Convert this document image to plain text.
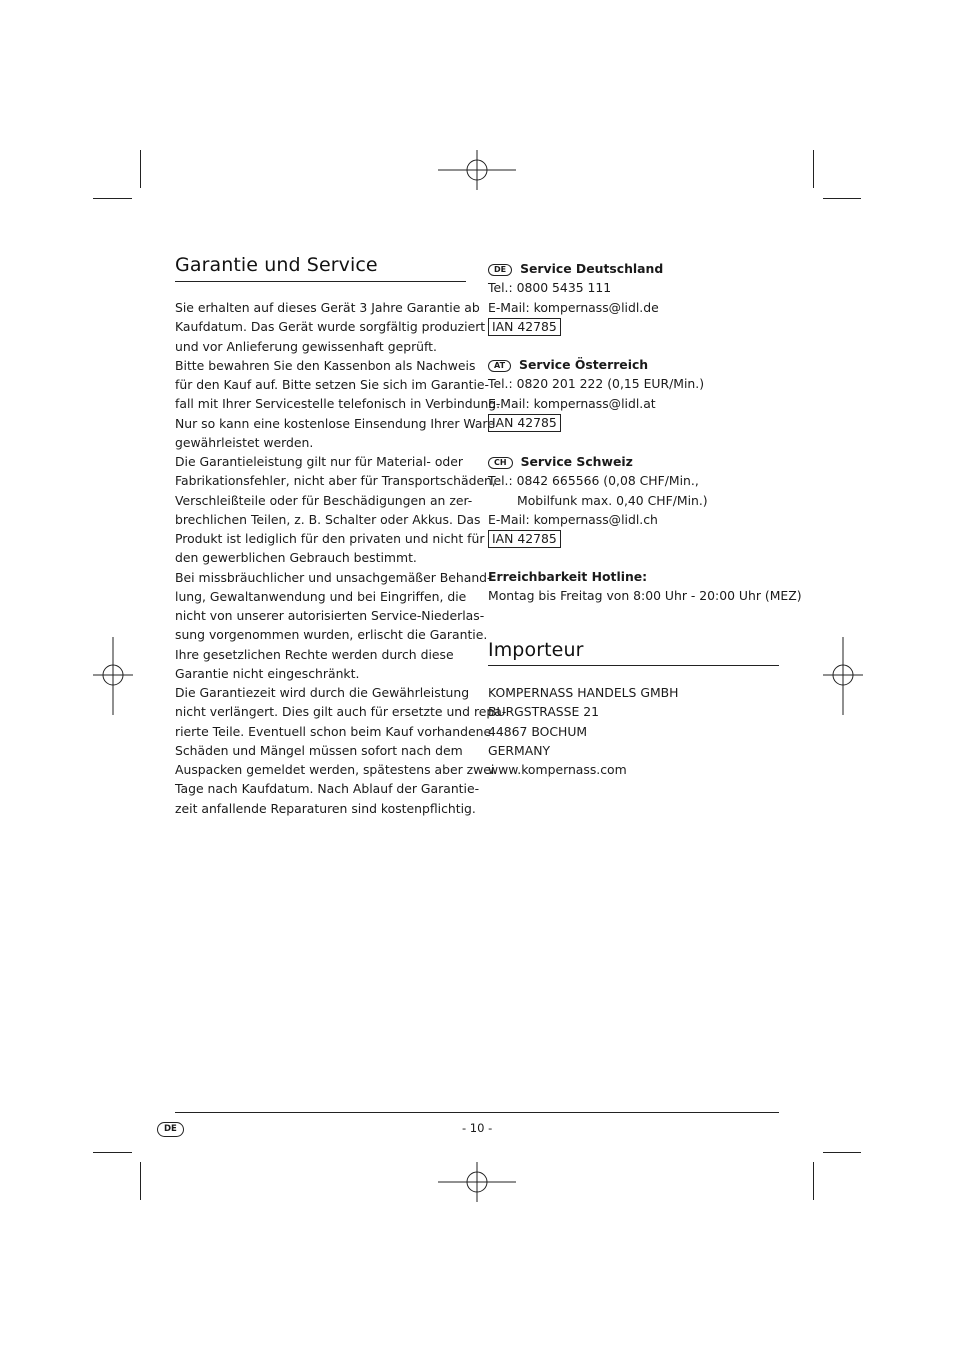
Garantie und Service
Sie erhalten auf dieses Gerät 3 Jahre Garantie ab
Kaufdatum. Das Gerät wurde sorgfältig produziert
und vor Anlieferung gewissenhaft geprüft.
Bitte bewahren Sie den Kassenbon als Nachweis
für den Kauf auf. Bitte setzen Sie sich im Garantie-
fall mit Ihrer Servicestelle telefonisch in Verbindung.
Nur so kann eine kostenlose Einsendung Ihrer Ware
gewährleistet werden.
Die Garantieleistung gilt nur für Material- oder
Fabrikationsfehler, nicht aber für Transportschäden,
Verschleißteile oder für Beschädigungen an zer-
brechlichen Teilen, z. B. Schalter oder Akkus. Das
Produkt ist lediglich für den privaten und nicht für
den gewerblichen Gebrauch bestimmt.
Bei missbräuchlicher und unsachgemäßer Behand-
lung, Gewaltanwendung und bei Eingriffen, die
nicht von unserer autorisierten Service-Niederlas-
sung vorgenommen wurden, erlischt die Garantie.
Ihre gesetzlichen Rechte werden durch diese
Garantie nicht eingeschränkt.
Die Garantiezeit wird durch die Gewährleistung
nicht verlängert. Dies gilt auch für ersetzte und repa-
rierte Teile. Eventuell schon beim Kauf vorhandene
Schäden und Mängel müssen sofort nach dem
Auspacken gemeldet werden, spätestens aber zwei
Tage nach Kaufdatum. Nach Ablauf der Garantie-
zeit anfallende Reparaturen sind kostenpflichtig.
DE Service Deutschland
Tel.: 0800 5435 111
E-Mail: kompernass@lidl.de
IAN 42785
AT Service Österreich
Tel.: 0820 201 222 (0,15 EUR/Min.)
E-Mail: kompernass@lidl.at
IAN 42785
CH Service Schweiz
Tel.: 0842 665566 (0,08 CHF/Min.,
Mobilfunk max. 0,40 CHF/Min.)
E-Mail: kompernass@lidl.ch
IAN 42785
Erreichbarkeit Hotline:
Montag bis Freitag von 8:00 Uhr - 20:00 Uhr (MEZ)
Importeur
KOMPERNASS HANDELS GMBH
BURGSTRASSE 21
44867 BOCHUM
GERMANY
www.kompernass.com
DE	- 10 -
